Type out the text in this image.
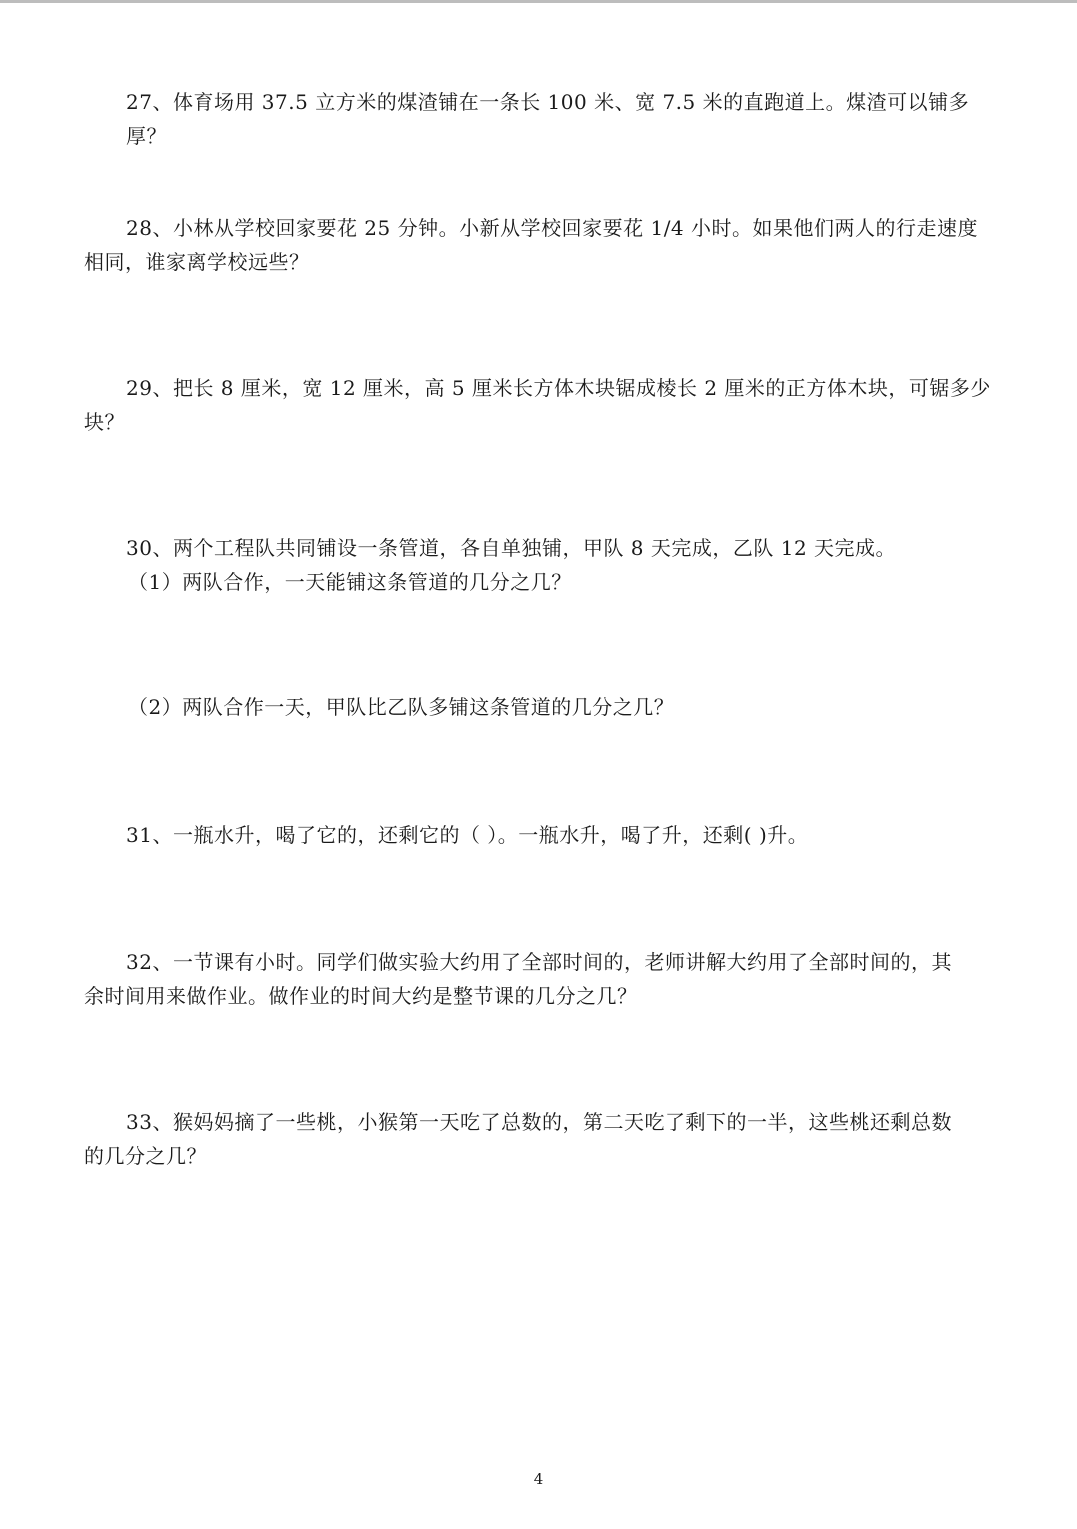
27、体育场用 37.5 立方米的煤渣铺在一条长 100 米、宽 7.5 米的直跑道上。煤渣可以铺多厚？
28、小林从学校回家要花 25 分钟。小新从学校回家要花 1/4 小时。如果他们两人的行走速度
相同，谁家离学校远些？
29、把长 8 厘米，宽 12 厘米，高 5 厘米长方体木块锯成棱长 2 厘米的正方体木块，可锯多少
块？
30、两个工程队共同铺设一条管道，各自单独铺，甲队 8 天完成，乙队 12 天完成。
（1）两队合作，一天能铺这条管道的几分之几？
（2）两队合作一天，甲队比乙队多铺这条管道的几分之几？
31、一瓶水升，喝了它的，还剩它的（ ）。一瓶水升，喝了升，还剩( )升。
32、一节课有小时。同学们做实验大约用了全部时间的，老师讲解大约用了全部时间的，其
余时间用来做作业。做作业的时间大约是整节课的几分之几？
33、猴妈妈摘了一些桃，小猴第一天吃了总数的，第二天吃了剩下的一半，这些桃还剩总数
的几分之几？
4
